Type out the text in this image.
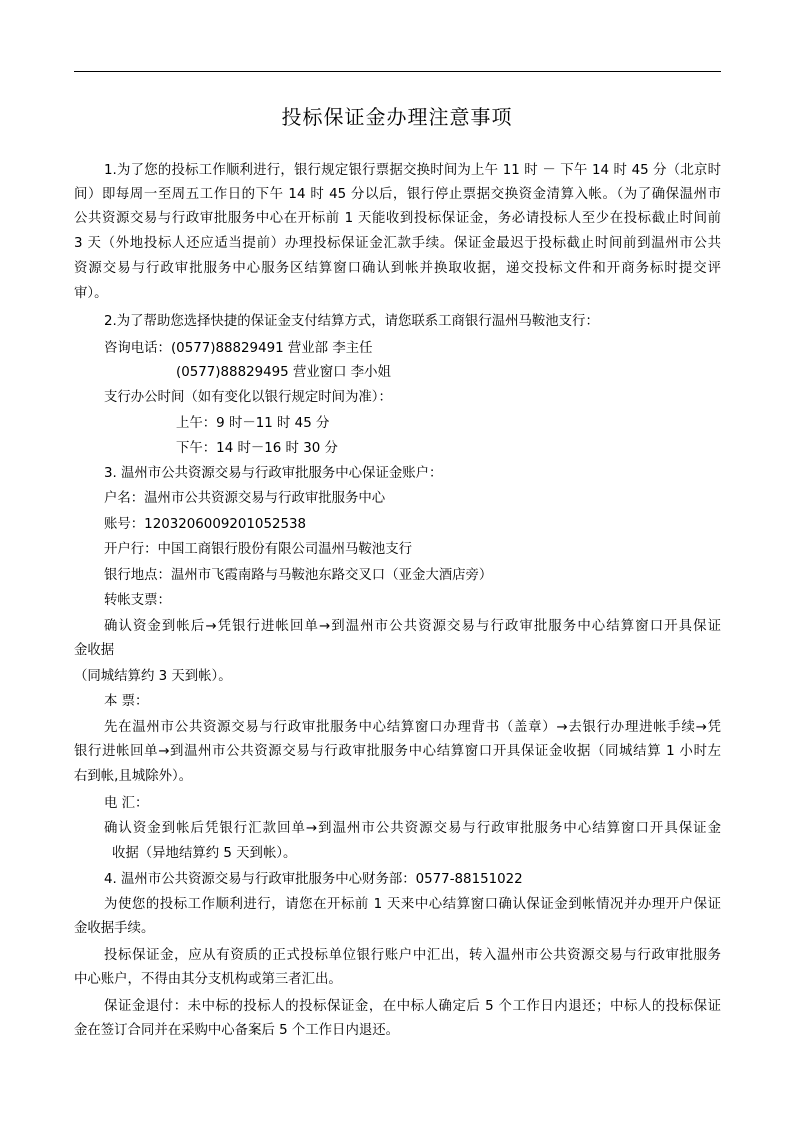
投标保证金办理注意事项
1.为了您的投标工作顺利进行，银行规定银行票据交换时间为上午 11 时 － 下午 14 时 45 分（北京时
间）即每周一至周五工作日的下午 14 时 45 分以后，银行停止票据交换资金清算入帐。（为了确保温州市
公共资源交易与行政审批服务中心在开标前 1 天能收到投标保证金，务必请投标人至少在投标截止时间前
3 天（外地投标人还应适当提前）办理投标保证金汇款手续。保证金最迟于投标截止时间前到温州市公共
资源交易与行政审批服务中心服务区结算窗口确认到帐并换取收据，递交投标文件和开商务标时提交评
审）。
2.为了帮助您选择快捷的保证金支付结算方式，请您联系工商银行温州马鞍池支行：
咨询电话：(0577)88829491 营业部 李主任
(0577)88829495 营业窗口 李小姐
支行办公时间（如有变化以银行规定时间为准）：
上午：9 时－11 时 45 分
下午：14 时－16 时 30 分
3. 温州市公共资源交易与行政审批服务中心保证金账户：
户名：温州市公共资源交易与行政审批服务中心
账号：1203206009201052538
开户行：中国工商银行股份有限公司温州马鞍池支行
银行地点：温州市飞霞南路与马鞍池东路交叉口（亚金大酒店旁）
转帐支票：
确认资金到帐后→凭银行进帐回单→到温州市公共资源交易与行政审批服务中心结算窗口开具保证
金收据
（同城结算约 3 天到帐）。
本 票：
先在温州市公共资源交易与行政审批服务中心结算窗口办理背书（盖章）→去银行办理进帐手续→凭
银行进帐回单→到温州市公共资源交易与行政审批服务中心结算窗口开具保证金收据（同城结算 1 小时左
右到帐,且城除外）。
电 汇：
确认资金到帐后凭银行汇款回单→到温州市公共资源交易与行政审批服务中心结算窗口开具保证金
收据（异地结算约 5 天到帐）。
4. 温州市公共资源交易与行政审批服务中心财务部：0577-88151022
为使您的投标工作顺利进行，请您在开标前 1 天来中心结算窗口确认保证金到帐情况并办理开户保证
金收据手续。
投标保证金，应从有资质的正式投标单位银行账户中汇出，转入温州市公共资源交易与行政审批服务
中心账户，不得由其分支机构或第三者汇出。
保证金退付：未中标的投标人的投标保证金，在中标人确定后 5 个工作日内退还；中标人的投标保证
金在签订合同并在采购中心备案后 5 个工作日内退还。
